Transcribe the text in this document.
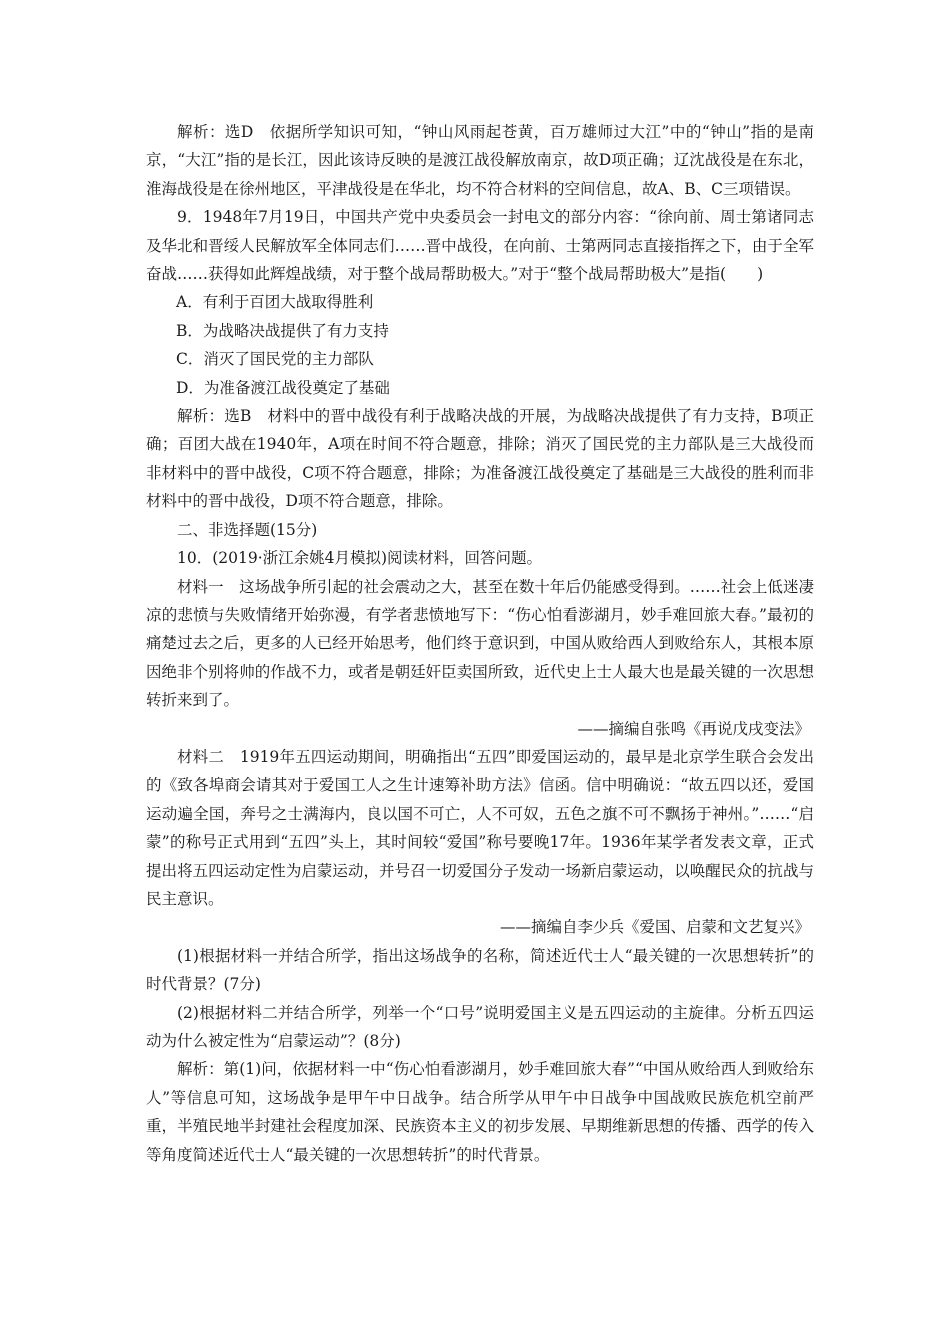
解析：选D　依据所学知识可知，“钟山风雨起苍黄，百万雄师过大江”中的“钟山”指的是南京，“大江”指的是长江，因此该诗反映的是渡江战役解放南京，故D项正确；辽沈战役是在东北，淮海战役是在徐州地区，平津战役是在华北，均不符合材料的空间信息，故A、B、C三项错误。

9．1948年7月19日，中国共产党中央委员会一封电文的部分内容：“徐向前、周士第诸同志及华北和晋绥人民解放军全体同志们……晋中战役，在向前、士第两同志直接指挥之下，由于全军奋战……获得如此辉煌战绩，对于整个战局帮助极大。”对于“整个战局帮助极大”是指(　　)

A．有利于百团大战取得胜利

B．为战略决战提供了有力支持

C．消灭了国民党的主力部队

D．为准备渡江战役奠定了基础

解析：选B　材料中的晋中战役有利于战略决战的开展，为战略决战提供了有力支持，B项正确；百团大战在1940年，A项在时间不符合题意，排除；消灭了国民党的主力部队是三大战役而非材料中的晋中战役，C项不符合题意，排除；为准备渡江战役奠定了基础是三大战役的胜利而非材料中的晋中战役，D项不符合题意，排除。

二、非选择题(15分)

10．(2019·浙江余姚4月模拟)阅读材料，回答问题。

材料一　这场战争所引起的社会震动之大，甚至在数十年后仍能感受得到。……社会上低迷凄凉的悲愤与失败情绪开始弥漫，有学者悲愤地写下：“伤心怕看澎湖月，妙手难回旅大春。”最初的痛楚过去之后，更多的人已经开始思考，他们终于意识到，中国从败给西人到败给东人，其根本原因绝非个别将帅的作战不力，或者是朝廷奸臣卖国所致，近代史上士人最大也是最关键的一次思想转折来到了。

——摘编自张鸣《再说戊戌变法》

材料二　1919年五四运动期间，明确指出“五四”即爱国运动的，最早是北京学生联合会发出的《致各埠商会请其对于爱国工人之生计速筹补助方法》信函。信中明确说：“故五四以还，爱国运动遍全国，奔号之士满海内，良以国不可亡，人不可奴，五色之旗不可不飘扬于神州。”……“启蒙”的称号正式用到“五四”头上，其时间较“爱国”称号要晚17年。1936年某学者发表文章，正式提出将五四运动定性为启蒙运动，并号召一切爱国分子发动一场新启蒙运动，以唤醒民众的抗战与民主意识。

——摘编自李少兵《爱国、启蒙和文艺复兴》

(1)根据材料一并结合所学，指出这场战争的名称，简述近代士人“最关键的一次思想转折”的时代背景？(7分)

(2)根据材料二并结合所学，列举一个“口号”说明爱国主义是五四运动的主旋律。分析五四运动为什么被定性为“启蒙运动”？(8分)

解析：第(1)问，依据材料一中“伤心怕看澎湖月，妙手难回旅大春”“中国从败给西人到败给东人”等信息可知，这场战争是甲午中日战争。结合所学从甲午中日战争中国战败民族危机空前严重，半殖民地半封建社会程度加深、民族资本主义的初步发展、早期维新思想的传播、西学的传入等角度简述近代士人“最关键的一次思想转折”的时代背景。
